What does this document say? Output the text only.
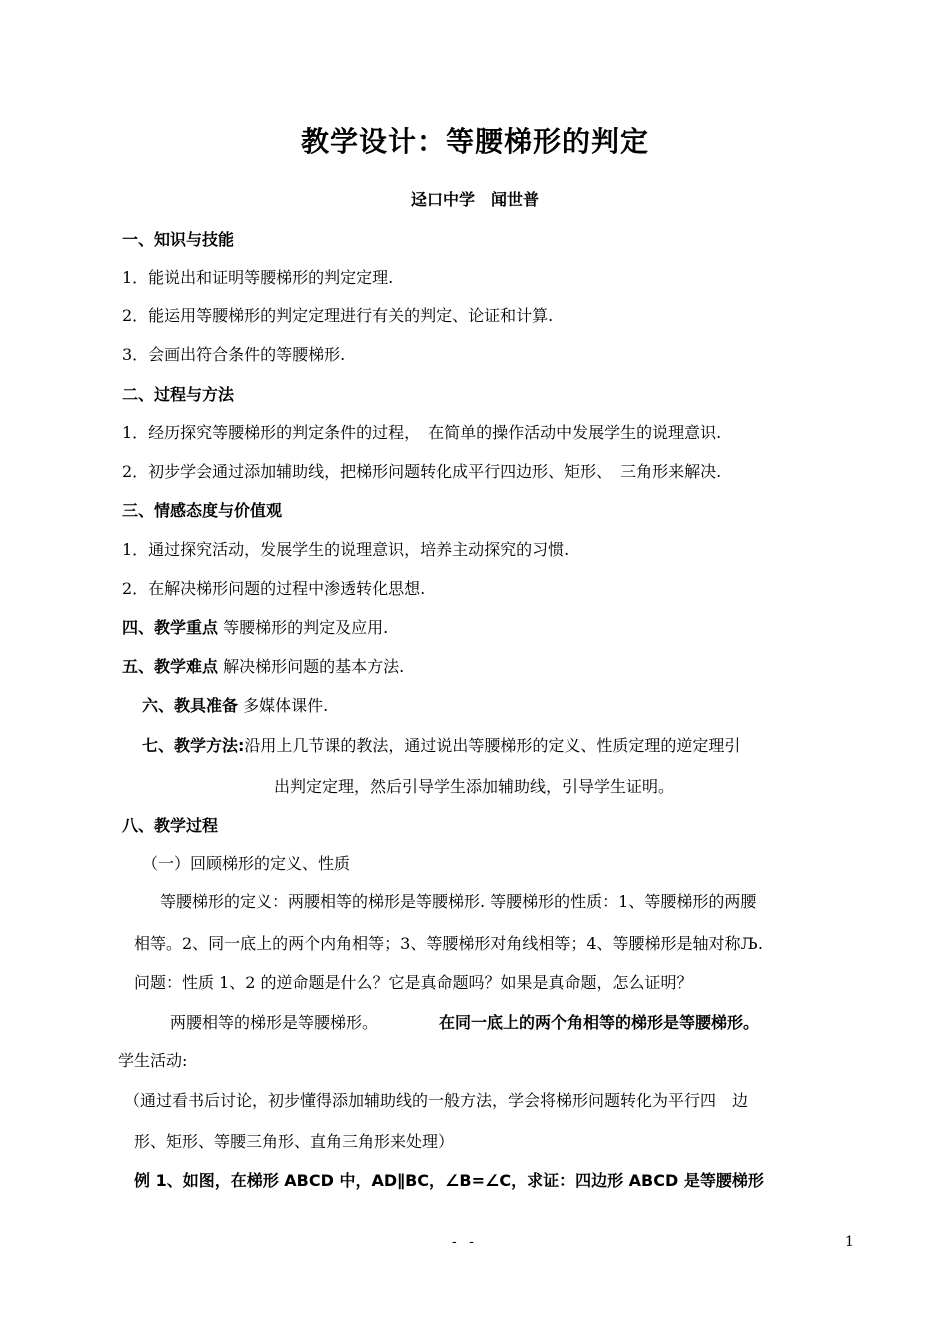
教学设计：等腰梯形的判定
迳口中学　闻世普
一、知识与技能
1．能说出和证明等腰梯形的判定定理.
2．能运用等腰梯形的判定定理进行有关的判定、论证和计算.
3．会画出符合条件的等腰梯形.
二、过程与方法
1．经历探究等腰梯形的判定条件的过程，　在简单的操作活动中发展学生的说理意识.
2．初步学会通过添加辅助线，把梯形问题转化成平行四边形、矩形、　三角形来解决.
三、情感态度与价值观
1．通过探究活动，发展学生的说理意识，培养主动探究的习惯.
2．在解决梯形问题的过程中渗透转化思想.
四、教学重点 等腰梯形的判定及应用.
五、教学难点 解决梯形问题的基本方法.
六、教具准备 多媒体课件.
七、教学方法:沿用上几节课的教法，通过说出等腰梯形的定义、性质定理的逆定理引
出判定定理，然后引导学生添加辅助线，引导学生证明。
八、教学过程
（一）回顾梯形的定义、性质
等腰梯形的定义：两腰相等的梯形是等腰梯形. 等腰梯形的性质：1、等腰梯形的两腰
相等。2、同一底上的两个内角相等；3、等腰梯形对角线相等；4、等腰梯形是轴对称Љ.
问题：性质 1、2 的逆命题是什么？它是真命题吗？如果是真命题，怎么证明？
两腰相等的梯形是等腰梯形。	在同一底上的两个角相等的梯形是等腰梯形。
学生活动:
（通过看书后讨论，初步懂得添加辅助线的一般方法，学会将梯形问题转化为平行四　边
形、矩形、等腰三角形、直角三角形来处理）
例 1、如图，在梯形 ABCD 中，AD∥BC，∠B=∠C，求证：四边形 ABCD 是等腰梯形
- -	1
